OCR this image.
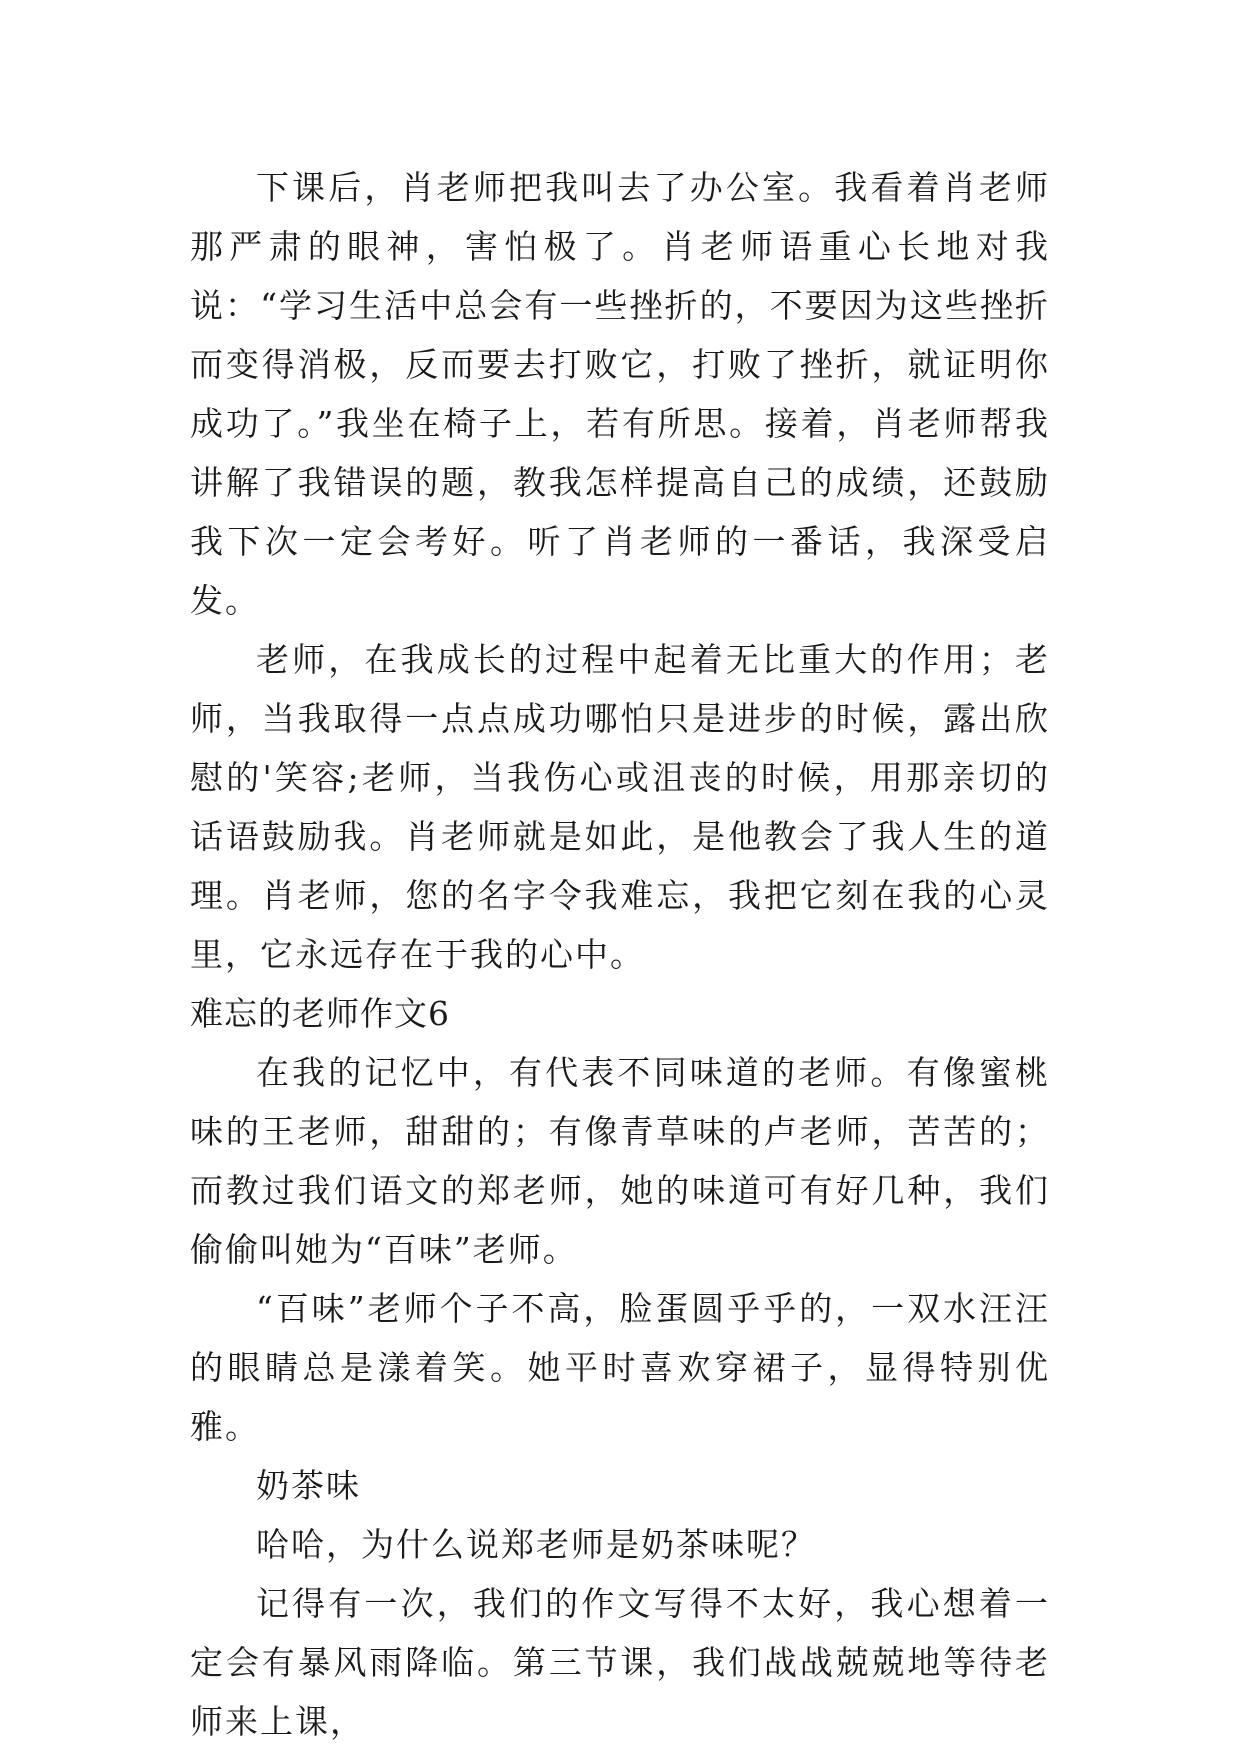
下课后，肖老师把我叫去了办公室。我看着肖老师那严肃的眼神，害怕极了。肖老师语重心长地对我说：“学习生活中总会有一些挫折的，不要因为这些挫折而变得消极，反而要去打败它，打败了挫折，就证明你成功了。”我坐在椅子上，若有所思。接着，肖老师帮我讲解了我错误的题，教我怎样提高自己的成绩，还鼓励我下次一定会考好。听了肖老师的一番话，我深受启发。

老师，在我成长的过程中起着无比重大的作用；老师，当我取得一点点成功哪怕只是进步的时候，露出欣慰的'笑容;老师，当我伤心或沮丧的时候，用那亲切的话语鼓励我。肖老师就是如此，是他教会了我人生的道理。肖老师，您的名字令我难忘，我把它刻在我的心灵里，它永远存在于我的心中。

难忘的老师作文6

在我的记忆中，有代表不同味道的老师。有像蜜桃味的王老师，甜甜的；有像青草味的卢老师，苦苦的；而教过我们语文的郑老师，她的味道可有好几种，我们偷偷叫她为“百味”老师。

“百味”老师个子不高，脸蛋圆乎乎的，一双水汪汪的眼睛总是漾着笑。她平时喜欢穿裙子，显得特别优雅。

奶茶味

哈哈，为什么说郑老师是奶茶味呢？

记得有一次，我们的作文写得不太好，我心想着一定会有暴风雨降临。第三节课，我们战战兢兢地等待老师来上课，
